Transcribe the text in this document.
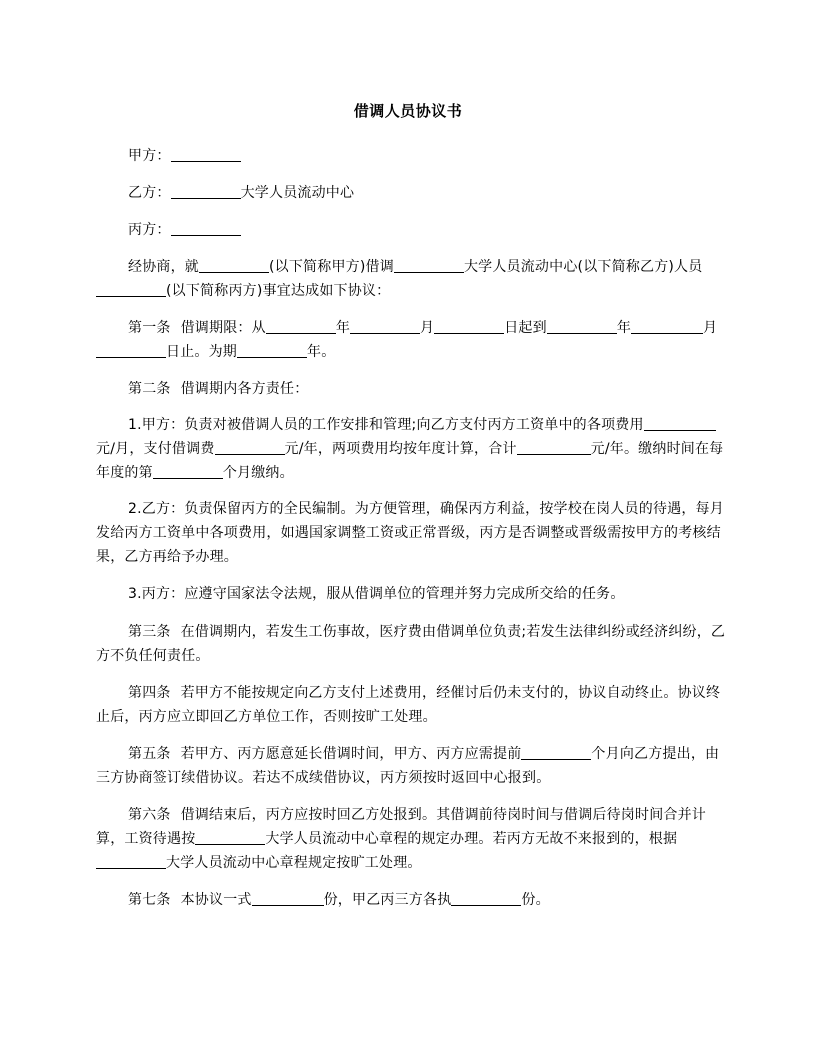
借调人员协议书

甲方：

乙方：	大学人员流动中心

丙方：

经协商，就	(以下简称甲方)借调	大学人员流动中心(以下简称乙方)人员(以下简称丙方)事宜达成如下协议：

第一条 借调期限：从	年	月	日起到	年	月日止。为期	年。

第二条 借调期内各方责任：

1.甲方：负责对被借调人员的工作安排和管理;向乙方支付丙方工资单中的各项费用元/月，支付借调费	元/年，两项费用均按年度计算，合计	元/年。缴纳时间在每年度的第	个月缴纳。

2.乙方：负责保留丙方的全民编制。为方便管理，确保丙方利益，按学校在岗人员的待遇，每月发给丙方工资单中各项费用，如遇国家调整工资或正常晋级，丙方是否调整或晋级需按甲方的考核结果，乙方再给予办理。

3.丙方：应遵守国家法令法规，服从借调单位的管理并努力完成所交给的任务。

第三条 在借调期内，若发生工伤事故，医疗费由借调单位负责;若发生法律纠纷或经济纠纷，乙方不负任何责任。

第四条 若甲方不能按规定向乙方支付上述费用，经催讨后仍未支付的，协议自动终止。协议终止后，丙方应立即回乙方单位工作，否则按旷工处理。

第五条 若甲方、丙方愿意延长借调时间，甲方、丙方应需提前	个月向乙方提出，由三方协商签订续借协议。若达不成续借协议，丙方须按时返回中心报到。

第六条 借调结束后，丙方应按时回乙方处报到。其借调前待岗时间与借调后待岗时间合并计算，工资待遇按	大学人员流动中心章程的规定办理。若丙方无故不来报到的，根据大学人员流动中心章程规定按旷工处理。

第七条 本协议一式	份，甲乙丙三方各执	份。
